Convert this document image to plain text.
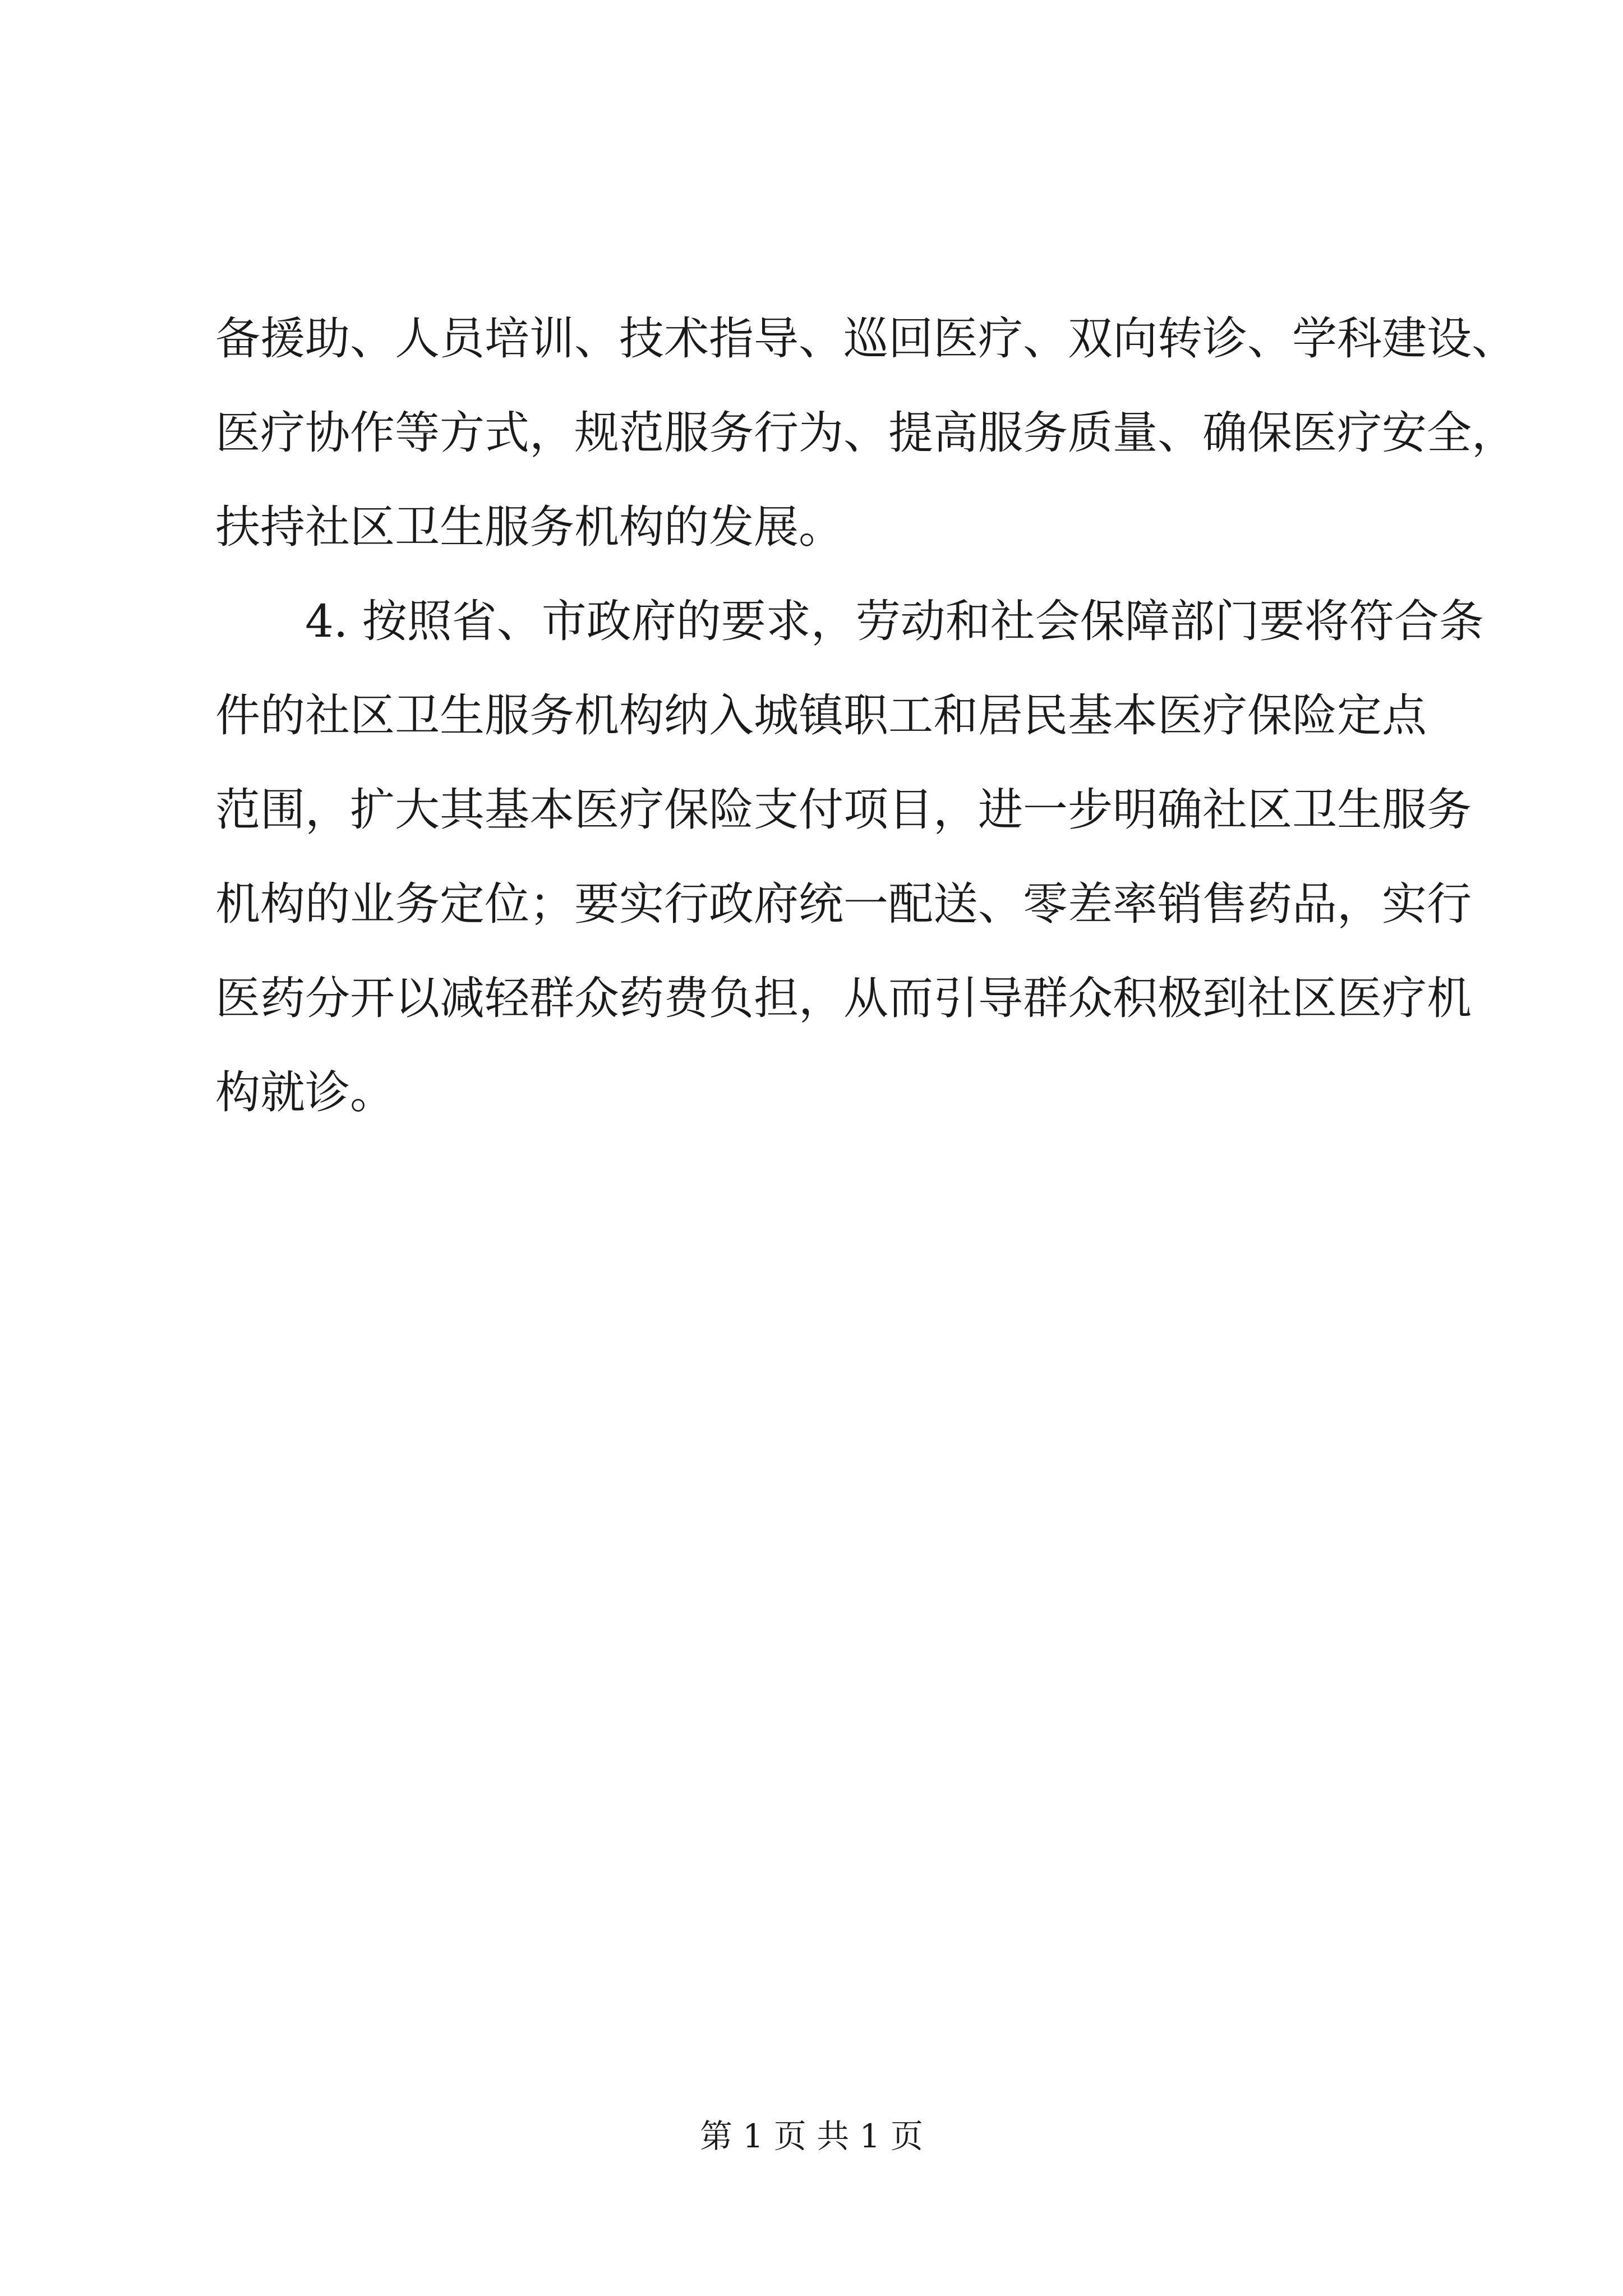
备援助、人员培训、技术指导、巡回医疗、双向转诊、学科建设、
医疗协作等方式，规范服务行为、提高服务质量、确保医疗安全，
扶持社区卫生服务机构的发展。
4. 按照省、市政府的要求，劳动和社会保障部门要将符合条
件的社区卫生服务机构纳入城镇职工和居民基本医疗保险定点
范围，扩大其基本医疗保险支付项目，进一步明确社区卫生服务
机构的业务定位；要实行政府统一配送、零差率销售药品，实行
医药分开以减轻群众药费负担，从而引导群众积极到社区医疗机
构就诊。
第 1 页 共 1 页
